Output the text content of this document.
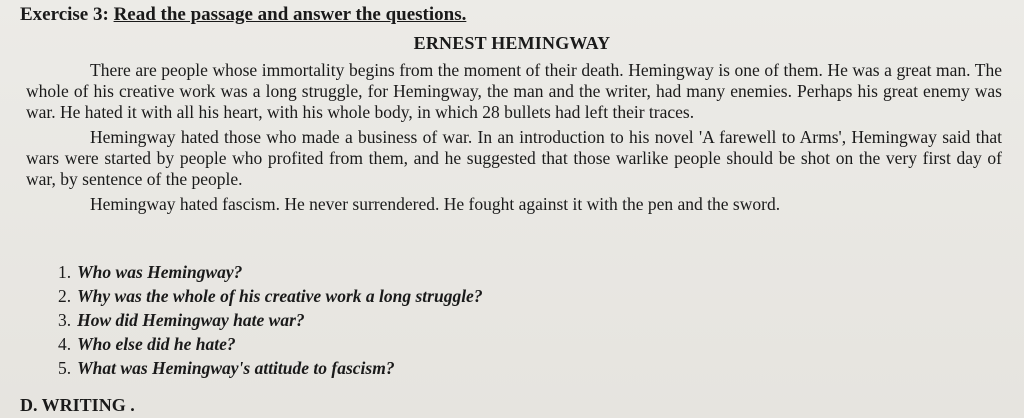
Exercise 3: Read the passage and answer the questions.
ERNEST HEMINGWAY

There are people whose immortality begins from the moment of their death. Hemingway is one of them. He was a great man. The whole of his creative work was a long struggle, for Hemingway, the man and the writer, had many enemies. Perhaps his great enemy was war. He hated it with all his heart, with his whole body, in which 28 bullets had left their traces.

Hemingway hated those who made a business of war. In an introduction to his novel 'A farewell to Arms', Hemingway said that wars were started by people who profited from them, and he suggested that those warlike people should be shot on the very first day of war, by sentence of the people.

Hemingway hated fascism. He never surrendered. He fought against it with the pen and the sword.

1. Who was Hemingway?
2. Why was the whole of his creative work a long struggle?
3. How did Hemingway hate war?
4. Who else did he hate?
5. What was Hemingway's attitude to fascism?
D. WRITING .
